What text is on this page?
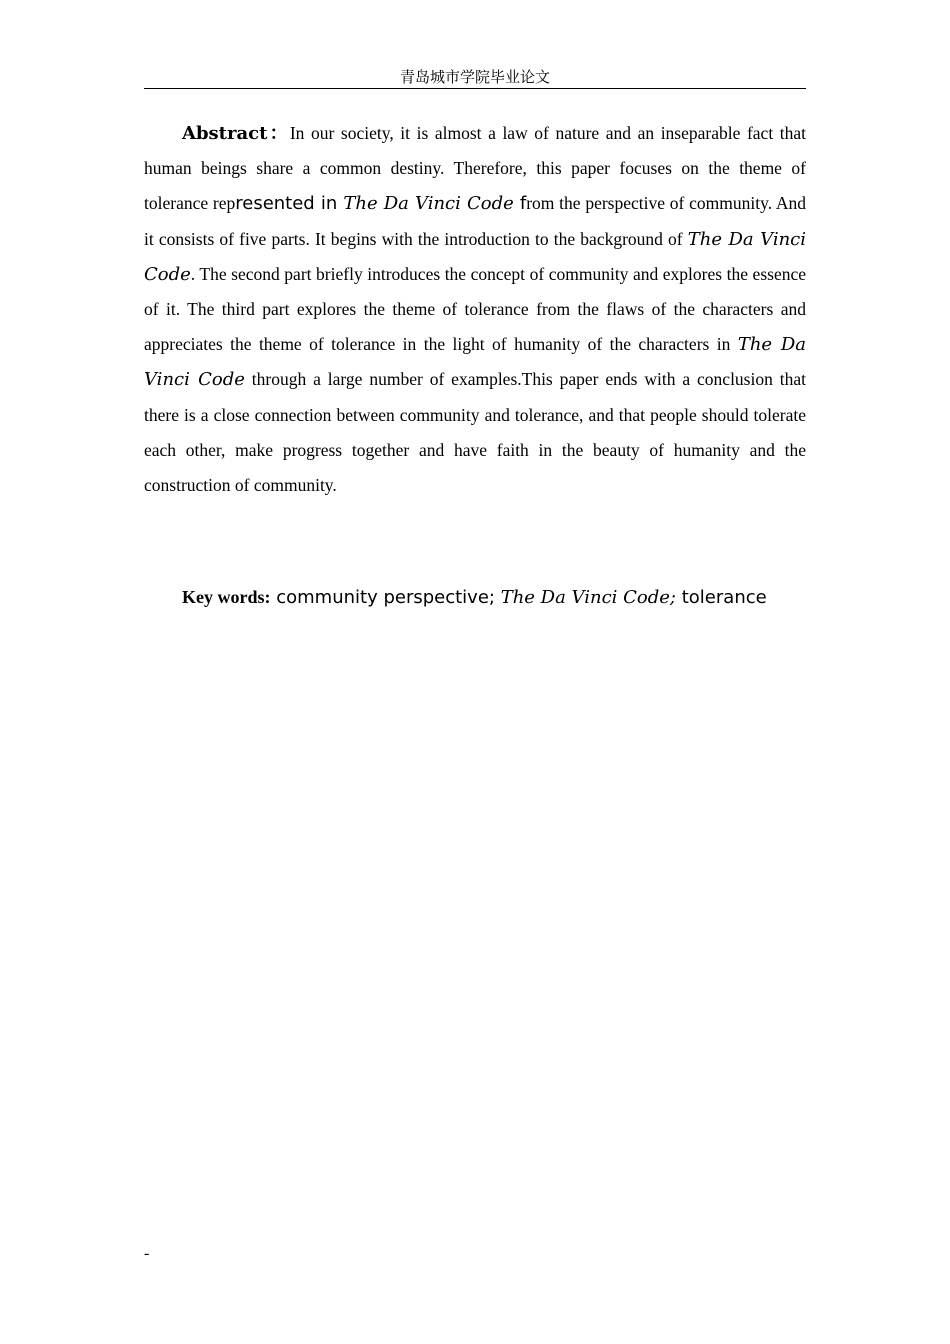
青岛城市学院毕业论文

Abstract：In our society, it is almost a law of nature and an inseparable fact that human beings share a common destiny. Therefore, this paper focuses on the theme of tolerance represented in The Da Vinci Code from the perspective of community. And it consists of five parts. It begins with the introduction to the background of The Da Vinci Code. The second part briefly introduces the concept of community and explores the essence of it. The third part explores the theme of tolerance from the flaws of the characters and appreciates the theme of tolerance in the light of humanity of the characters in The Da Vinci Code through a large number of examples.This paper ends with a conclusion that there is a close connection between community and tolerance, and that people should tolerate each other, make progress together and have faith in the beauty of humanity and the construction of community.

Key words: community perspective; The Da Vinci Code; tolerance

-
